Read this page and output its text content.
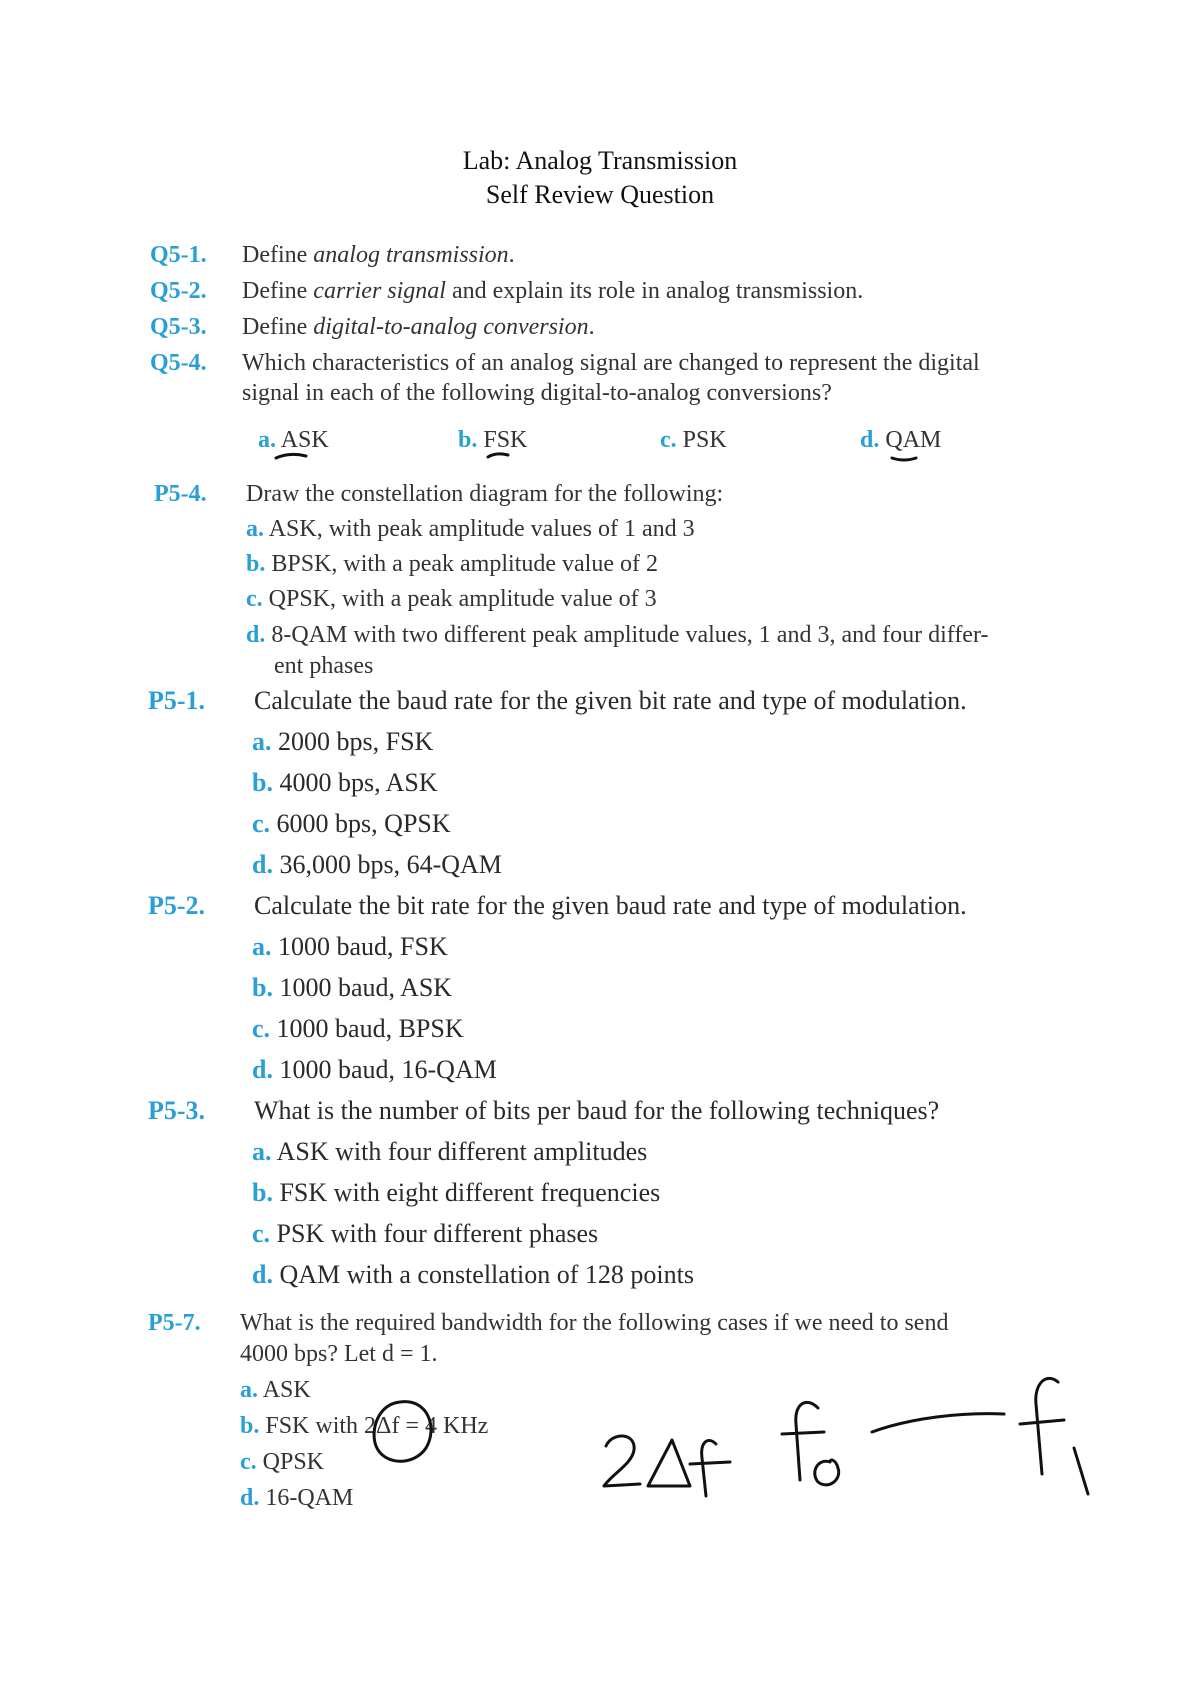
Lab: Analog Transmission
Self Review Question
Q5-1. Define analog transmission.
Q5-2. Define carrier signal and explain its role in analog transmission.
Q5-3. Define digital-to-analog conversion.
Q5-4. Which characteristics of an analog signal are changed to represent the digital
signal in each of the following digital-to-analog conversions?
a. ASK	b. FSK	c. PSK	d. QAM
P5-4. Draw the constellation diagram for the following:
a. ASK, with peak amplitude values of 1 and 3
b. BPSK, with a peak amplitude value of 2
c. QPSK, with a peak amplitude value of 3
d. 8-QAM with two different peak amplitude values, 1 and 3, and four differ-
ent phases
P5-1. Calculate the baud rate for the given bit rate and type of modulation.
a. 2000 bps, FSK
b. 4000 bps, ASK
c. 6000 bps, QPSK
d. 36,000 bps, 64-QAM
P5-2. Calculate the bit rate for the given baud rate and type of modulation.
a. 1000 baud, FSK
b. 1000 baud, ASK
c. 1000 baud, BPSK
d. 1000 baud, 16-QAM
P5-3. What is the number of bits per baud for the following techniques?
a. ASK with four different amplitudes
b. FSK with eight different frequencies
c. PSK with four different phases
d. QAM with a constellation of 128 points
P5-7. What is the required bandwidth for the following cases if we need to send
4000 bps? Let d = 1.
a. ASK
b. FSK with 2Δf = 4 KHz
c. QPSK
d. 16-QAM
